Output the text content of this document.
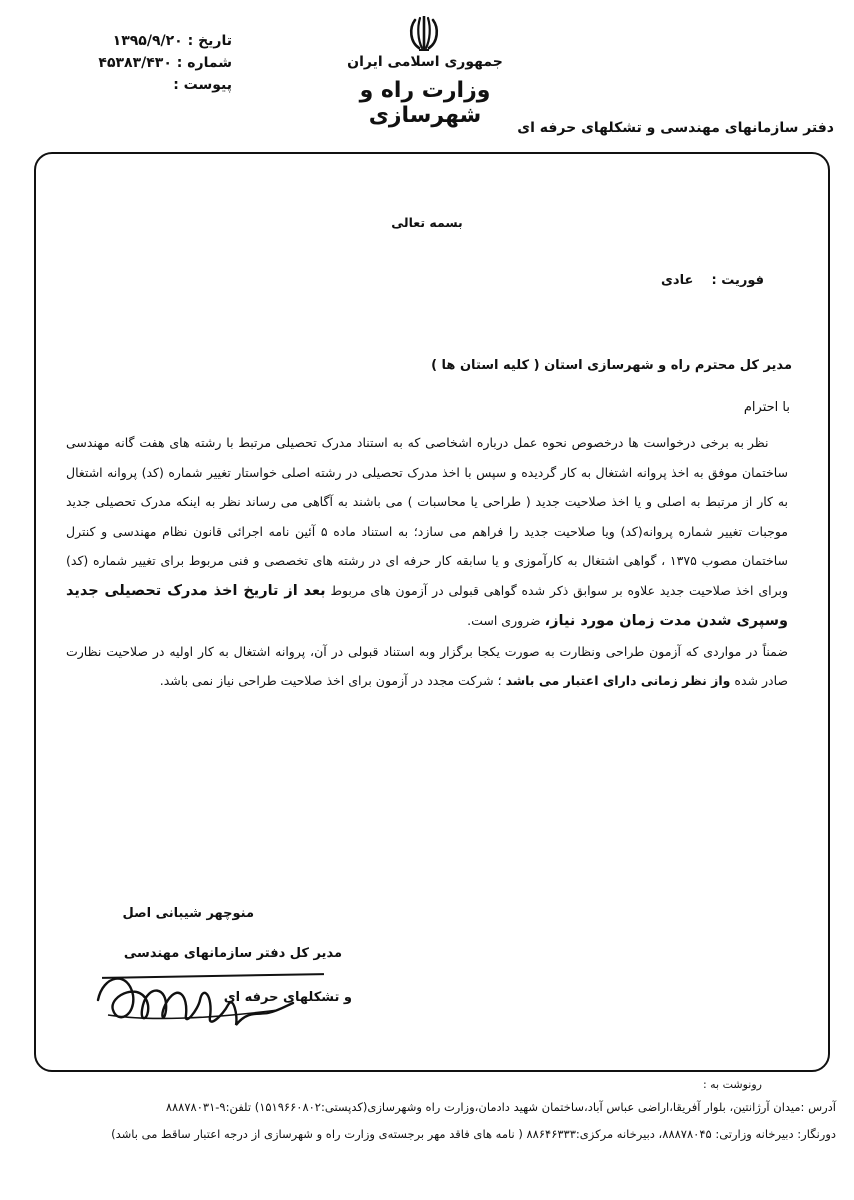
تاریخ : ۱۳۹۵/۹/۲۰
شماره : ۴۵۳۸۳/۴۳۰
پیوست :
جمهوری اسلامی ایران
وزارت راه و شهرسازی	دفتر سازمانهای مهندسی و تشکلهای حرفه ای
بسمه تعالی
فوریت :    عادی
مدیر کل محترم راه و شهرسازی استان ( کلیه استان ها )
با احترام

نظر به برخی درخواست ها درخصوص نحوه عمل درباره اشخاصی که به استناد مدرک تحصیلی مرتبط با رشته های هفت گانه مهندسی ساختمان موفق به اخذ پروانه اشتغال به کار گردیده و سپس با اخذ مدرک تحصیلی در رشته اصلی خواستار تغییر شماره (کد) پروانه اشتغال به کار از مرتبط به اصلی و یا اخذ صلاحیت جدید ( طراحی یا محاسبات ) می باشند به آگاهی می رساند نظر به اینکه مدرک تحصیلی جدید موجبات تغییر شماره پروانه(کد) ویا صلاحیت جدید را فراهم می سازد؛ به استناد ماده ۵ آئین نامه اجرائی قانون نظام مهندسی و کنترل ساختمان مصوب ۱۳۷۵ ، گواهی اشتغال به کارآموزی و یا سابقه کار حرفه ای در رشته های تخصصی و فنی مربوط برای تغییر شماره (کد) وبرای اخذ صلاحیت جدید علاوه بر سوابق ذکر شده گواهی قبولی در آزمون های مربوط بعد از تاریخ اخذ مدرک تحصیلی جدید وسپری شدن مدت زمان مورد نیاز، ضروری است.

ضمناً در مواردی که آزمون طراحی ونظارت به صورت یکجا برگزار وبه استناد قبولی در آن، پروانه اشتغال به کار اولیه در صلاحیت نظارت صادر شده واز نظر زمانی دارای اعتبار می باشد ؛ شرکت مجدد در آزمون برای اخذ صلاحیت طراحی نیاز نمی باشد.

منوچهر شیبانی اصل
مدیر کل دفتر سازمانهای مهندسی
و تشکلهای حرفه ای
رونوشت به :
آدرس :میدان آرژانتین، بلوار آفریقا،اراضی عباس آباد،ساختمان شهید دادمان،وزارت راه وشهرسازی(کدپستی:۱۵۱۹۶۶۰۸۰۲) تلفن:۹-۸۸۸۷۸۰۳۱
دورنگار: دبیرخانه وزارتی: ۸۸۸۷۸۰۴۵، دبیرخانه مرکزی:۸۸۶۴۶۳۳۳ ( نامه های فاقد مهر برجسته‌ی وزارت راه و شهرسازی از درجه اعتبار ساقط می باشد)
